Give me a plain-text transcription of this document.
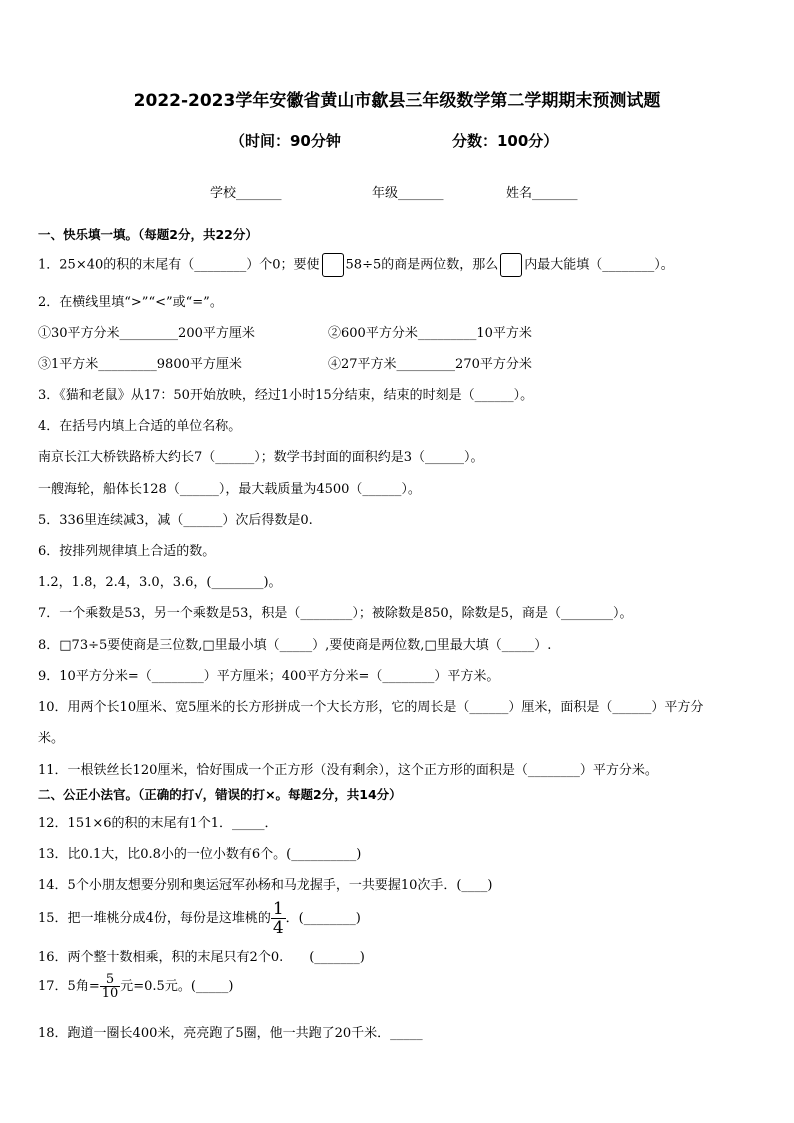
2022-2023学年安徽省黄山市歙县三年级数学第二学期期末预测试题
（时间：90分钟	分数：100分）
学校_______	年级_______	姓名_______
一、快乐填一填。（每题2分，共22分）
1．25×40的积的末尾有（________）个0；要使 58÷5的商是两位数，那么 内最大能填（________）。
2．在横线里填“>”“<”或“=”。
①30平方分米_________200平方厘米	②600平方分米_________10平方米
③1平方米_________9800平方厘米	④27平方米_________270平方分米
3．《猫和老鼠》从17：50开始放映，经过1小时15分结束，结束的时刻是（______）。
4．在括号内填上合适的单位名称。
南京长江大桥铁路桥大约长7（______）；数学书封面的面积约是3（______）。
一艘海轮，船体长128（______），最大载质量为4500（______）。
5．336里连续减3，减（______）次后得数是0.
6．按排列规律填上合适的数。
1.2，1.8，2.4，3.0，3.6，(________)。
7．一个乘数是53，另一个乘数是53，积是（________）；被除数是850，除数是5，商是（________）。
8．□73÷5要使商是三位数,□里最小填（_____）,要使商是两位数,□里最大填（_____）.
9．10平方分米=（________）平方厘米；400平方分米=（________）平方米。
10．用两个长10厘米、宽5厘米的长方形拼成一个大长方形，它的周长是（______）厘米，面积是（______）平方分
米。
11．一根铁丝长120厘米，恰好围成一个正方形（没有剩余），这个正方形的面积是（________）平方分米。
二、公正小法官。（正确的打√，错误的打×。每题2分，共14分）
12．151×6的积的末尾有1个1．_____．
13．比0.1大，比0.8小的一位小数有6个。(__________)
14．5个小朋友想要分别和奥运冠军孙杨和马龙握手，一共要握10次手．(____)
15．把一堆桃分成4份，每份是这堆桃的 $\frac{1}{4}$ ．(________)
16．两个整十数相乘，积的末尾只有2个0.　　(_______)
17．5角= $\frac{5}{10}$ 元=0.5元。(_____)
18．跑道一圈长400米，亮亮跑了5圈，他一共跑了20千米．_____
